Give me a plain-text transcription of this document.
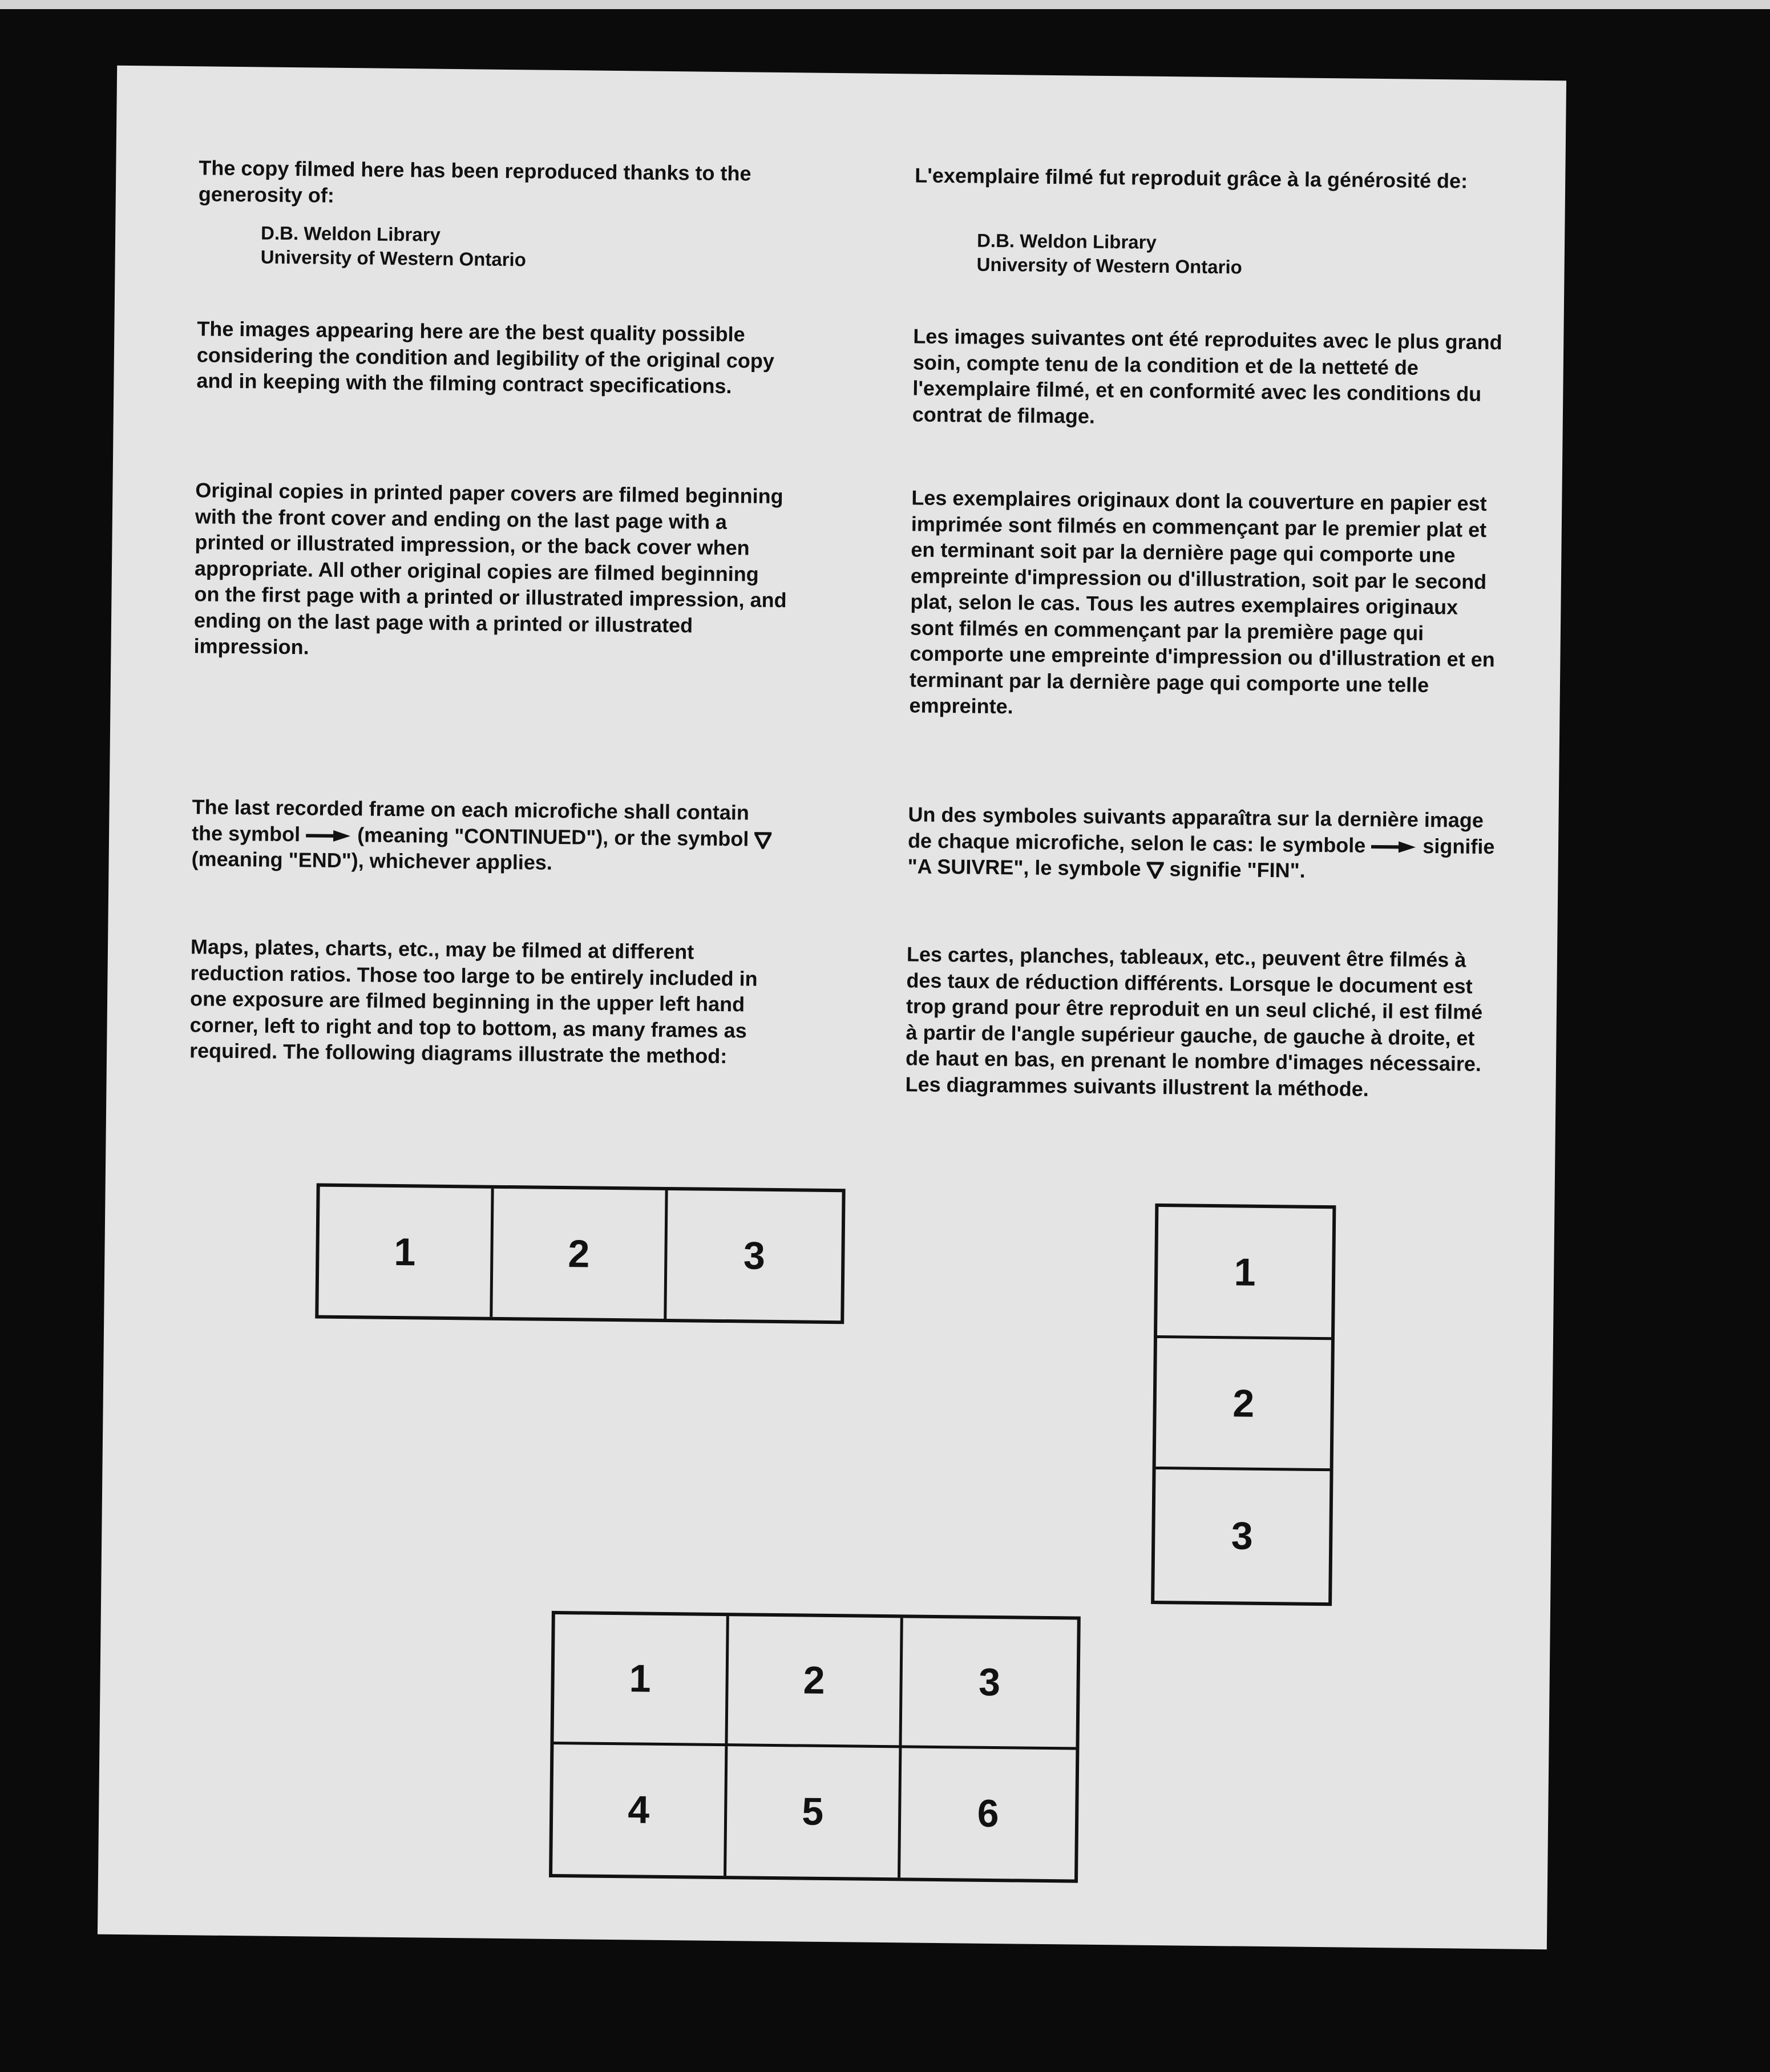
The copy filmed here has been reproduced thanks to the generosity of:

D.B. Weldon Library

University of Western Ontario

The images appearing here are the best quality possible considering the condition and legibility of the original copy and in keeping with the filming contract specifications.

Original copies in printed paper covers are filmed beginning with the front cover and ending on the last page with a printed or illustrated impression, or the back cover when appropriate. All other original copies are filmed beginning on the first page with a printed or illustrated impression, and ending on the last page with a printed or illustrated impression.

The last recorded frame on each microfiche shall contain the symbol	(meaning "CONTINUED"), or the symbol  (meaning "END"), whichever applies.

Maps, plates, charts, etc., may be filmed at different reduction ratios. Those too large to be entirely included in one exposure are filmed beginning in the upper left hand corner, left to right and top to bottom, as many frames as required. The following diagrams illustrate the method:

L'exemplaire filmé fut reproduit grâce à la générosité de:

D.B. Weldon Library

University of Western Ontario

Les images suivantes ont été reproduites avec le plus grand soin, compte tenu de la condition et de la netteté de l'exemplaire filmé, et en conformité avec les conditions du contrat de filmage.

Les exemplaires originaux dont la couverture en papier est imprimée sont filmés en commençant par le premier plat et en terminant soit par la dernière page qui comporte une empreinte d'impression ou d'illustration, soit par le second plat, selon le cas. Tous les autres exemplaires originaux sont filmés en commençant par la première page qui comporte une empreinte d'impression ou d'illustration et en terminant par la dernière page qui comporte une telle empreinte.

Un des symboles suivants apparaîtra sur la dernière image de chaque microfiche, selon le cas: le symbole	signifie "A SUIVRE", le symbole signifie "FIN".

Les cartes, planches, tableaux, etc., peuvent être filmés à des taux de réduction différents. Lorsque le document est trop grand pour être reproduit en un seul cliché, il est filmé à partir de l'angle supérieur gauche, de gauche à droite, et de haut en bas, en prenant le nombre d'images nécessaire. Les diagrammes suivants illustrent la méthode.

1	2	3	1
2
3
1	2	3
4	5	6
